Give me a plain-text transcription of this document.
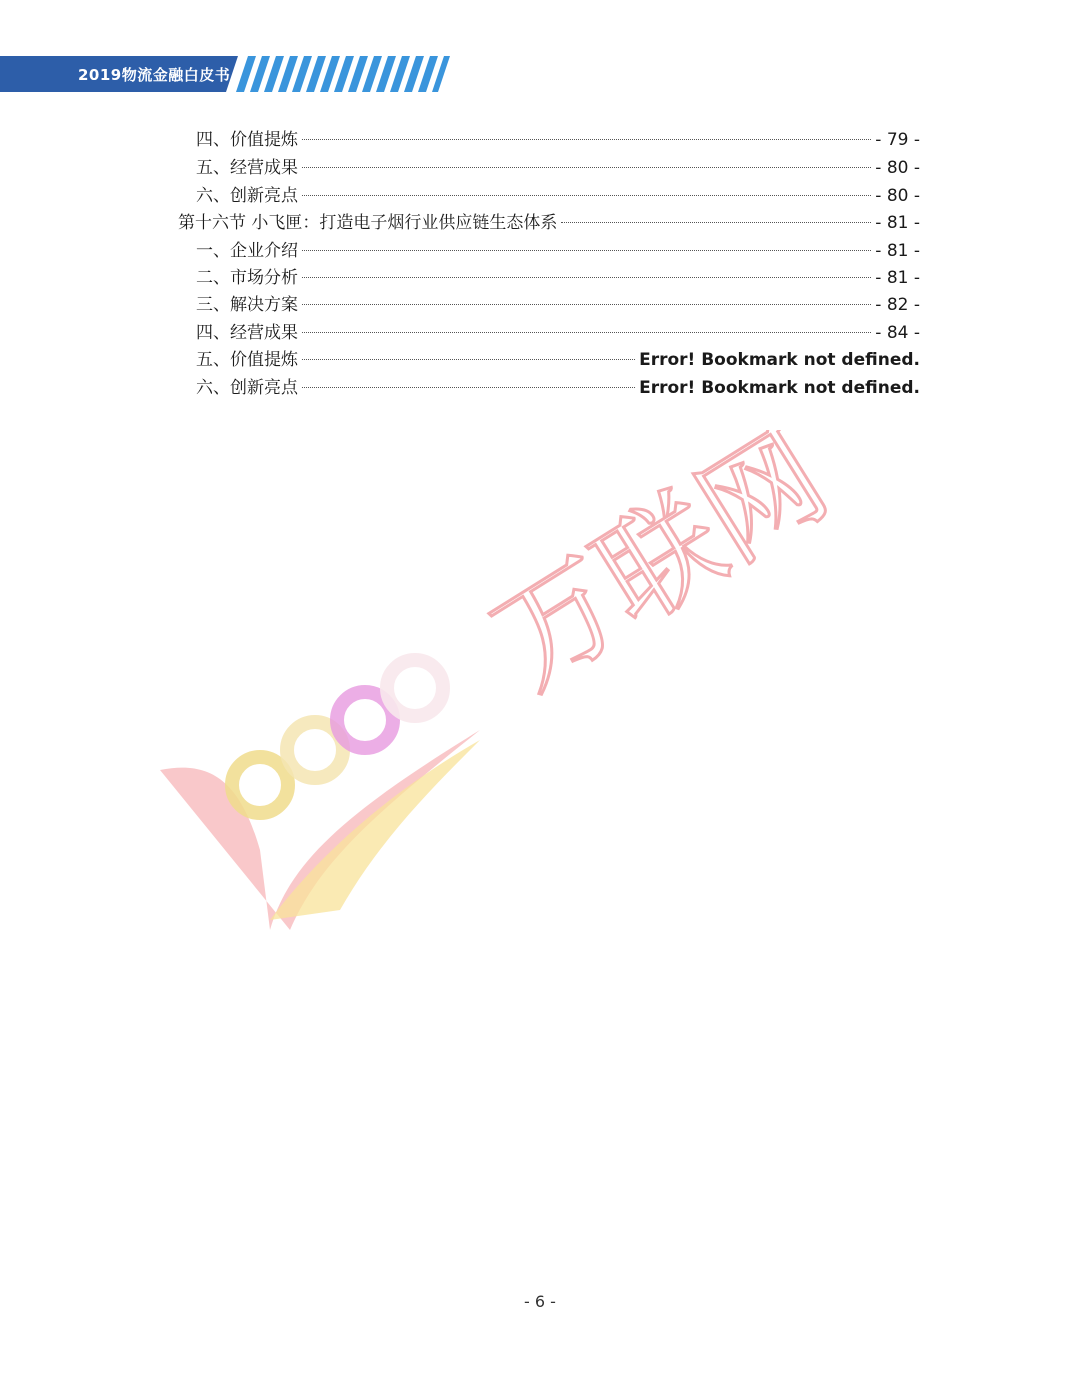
2019物流金融白皮书
四、价值提炼	- 79 -
五、经营成果	- 80 -
六、创新亮点	- 80 -
第十六节 小飞匣：打造电子烟行业供应链生态体系	- 81 -
一、企业介绍	- 81 -
二、市场分析	- 81 -
三、解决方案	- 82 -
四、经营成果	- 84 -
五、价值提炼	Error! Bookmark not defined.
六、创新亮点	Error! Bookmark not defined.
万联网
- 6 -
